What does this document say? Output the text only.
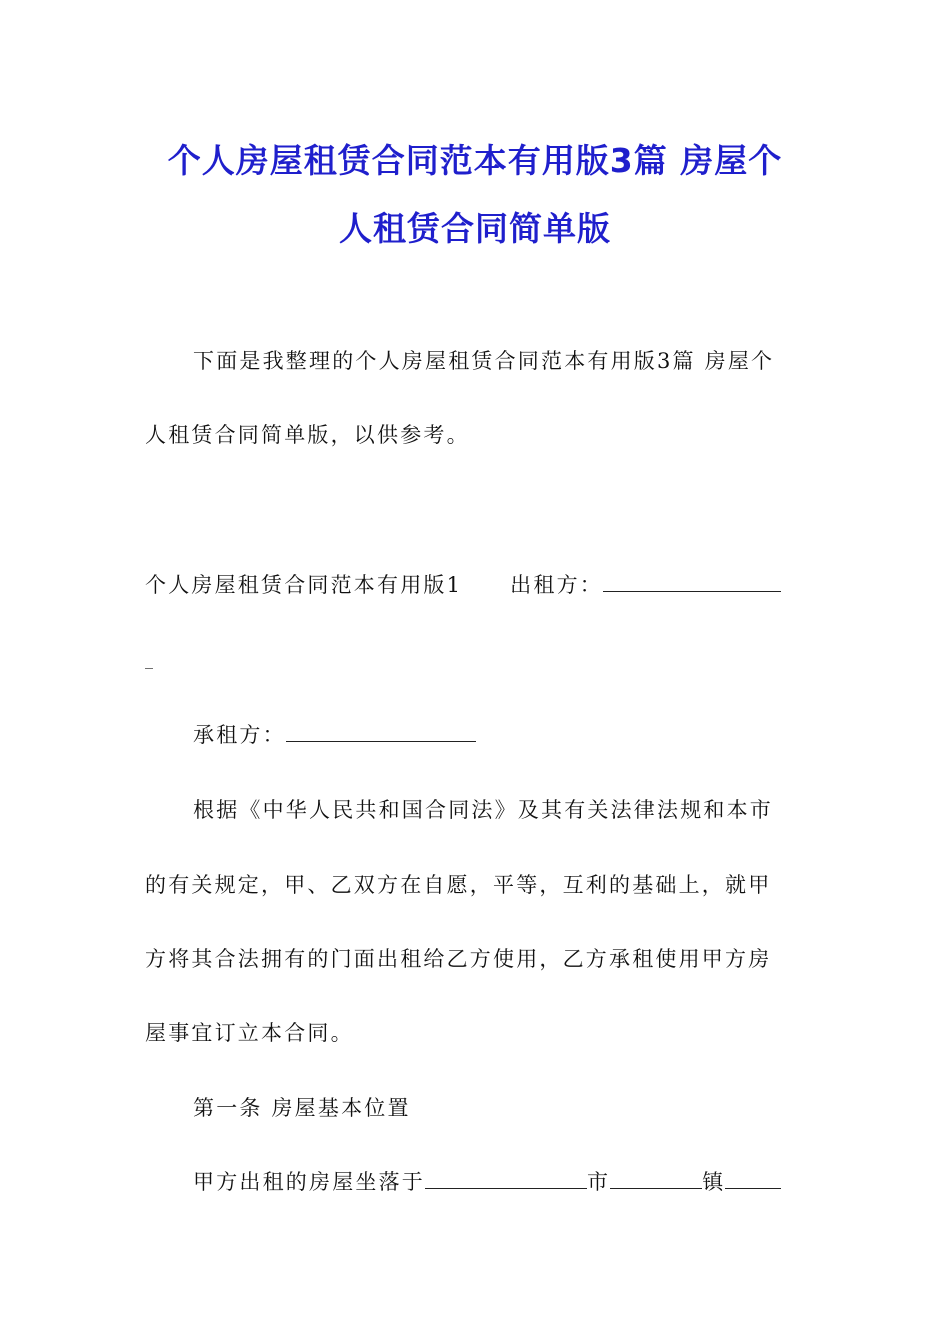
个人房屋租赁合同范本有用版3篇 房屋个
人租赁合同简单版
下面是我整理的个人房屋租赁合同范本有用版3篇 房屋个
人租赁合同简单版，以供参考。
个人房屋租赁合同范本有用版1 出租方：
_
承租方：
根据《中华人民共和国合同法》及其有关法律法规和本市
的有关规定，甲、乙双方在自愿，平等，互利的基础上，就甲
方将其合法拥有的门面出租给乙方使用，乙方承租使用甲方房
屋事宜订立本合同。
第一条 房屋基本位置
甲方出租的房屋坐落于	市	镇
